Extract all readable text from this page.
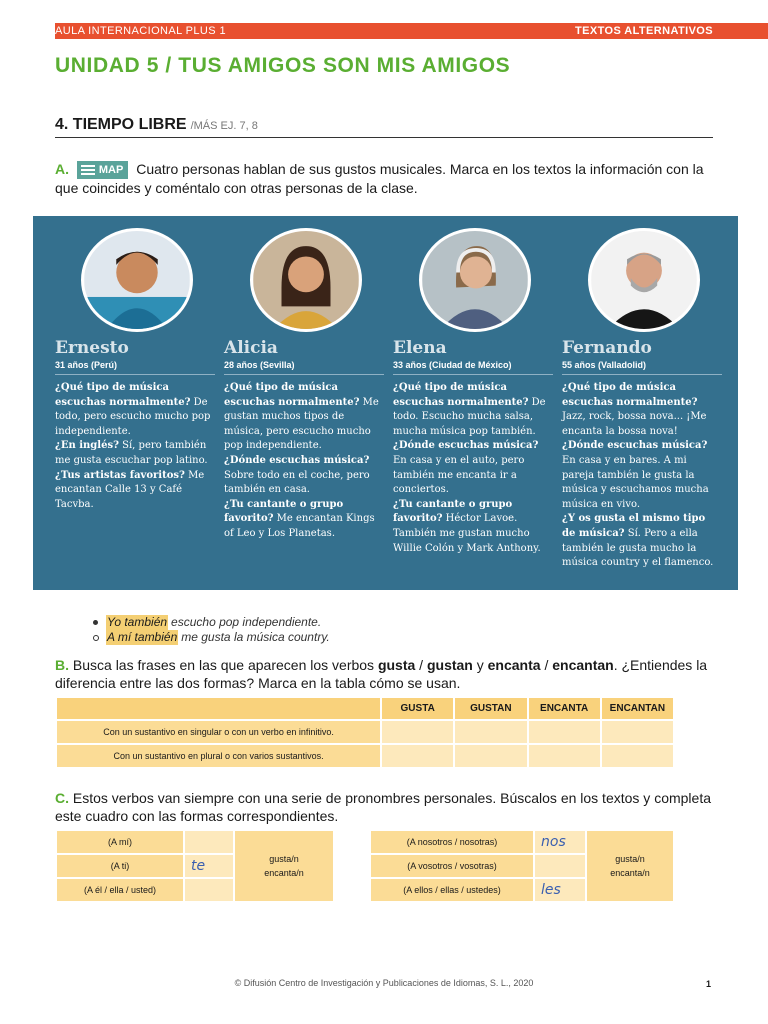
AULA INTERNACIONAL PLUS 1	TEXTOS ALTERNATIVOS
UNIDAD 5 / TUS AMIGOS SON MIS AMIGOS
4. TIEMPO LIBRE /MÁS EJ. 7, 8
A.	MAP Cuatro personas hablan de sus gustos musicales. Marca en los textos la información con la que coincides y coméntalo con otras personas de la clase.
Ernesto
31 años (Perú)
¿Qué tipo de música escuchas normalmente? De todo, pero escucho mucho pop independiente.
¿En inglés? Sí, pero también me gusta escuchar pop latino.
¿Tus artistas favoritos? Me encantan Calle 13 y Café Tacvba.
Alicia
28 años (Sevilla)
¿Qué tipo de música escuchas normalmente? Me gustan muchos tipos de música, pero escucho mucho pop independiente.
¿Dónde escuchas música? Sobre todo en el coche, pero también en casa.
¿Tu cantante o grupo favorito? Me encantan Kings of Leo y Los Planetas.
Elena
33 años (Ciudad de México)
¿Qué tipo de música escuchas normalmente? De todo. Escucho mucha salsa, mucha música pop también.
¿Dónde escuchas música? En casa y en el auto, pero también me encanta ir a conciertos.
¿Tu cantante o grupo favorito? Héctor Lavoe. También me gustan mucho Willie Colón y Mark Anthony.
Fernando
55 años (Valladolid)
¿Qué tipo de música escuchas normalmente? Jazz, rock, bossa nova... ¡Me encanta la bossa nova!
¿Dónde escuchas música? En casa y en bares. A mi pareja también le gusta la música y escuchamos mucha música en vivo.
¿Y os gusta el mismo tipo de música? Sí. Pero a ella también le gusta mucho la música country y el flamenco.
Yo también escucho pop independiente.
A mí también me gusta la música country.
B. Busca las frases en las que aparecen los verbos gusta / gustan y encanta / encantan. ¿Entiendes la diferencia entre las dos formas? Marca en la tabla cómo se usan.
	GUSTA	GUSTAN	ENCANTA	ENCANTAN
Con un sustantivo en singular o con un verbo en infinitivo.				
Con un sustantivo en plural o con varios sustantivos.				
C. Estos verbos van siempre con una serie de pronombres personales. Búscalos en los textos y completa este cuadro con las formas correspondientes.
(A mí)		gusta/n
encanta/n
(A ti)	te	
(A él / ella / usted)		
(A nosotros / nosotras)	nos	gusta/n
encanta/n
(A vosotros / vosotras)		
(A ellos / ellas / ustedes)	les	
© Difusión Centro de Investigación y Publicaciones de Idiomas, S. L., 2020	1
